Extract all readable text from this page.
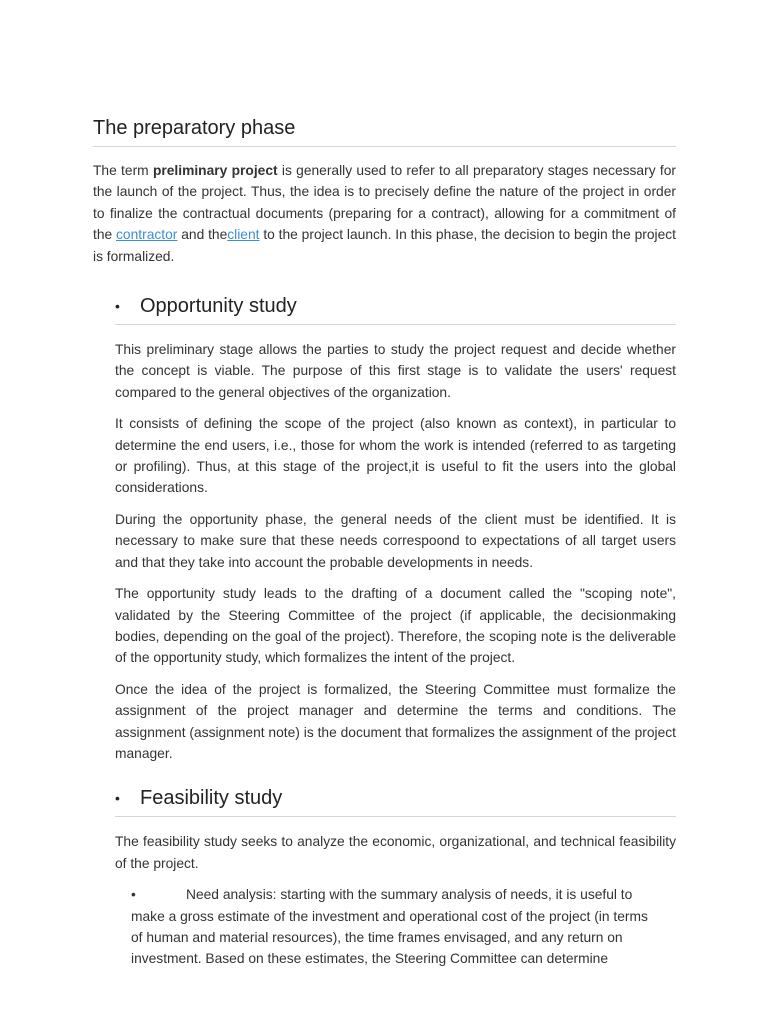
The preparatory phase

The term preliminary project is generally used to refer to all preparatory stages necessary for the launch of the project. Thus, the idea is to precisely define the nature of the project in order to finalize the contractual documents (preparing for a contract), allowing for a commitment of the contractor and theclient to the project launch. In this phase, the decision to begin the project is formalized.

•	Opportunity study

This preliminary stage allows the parties to study the project request and decide whether the concept is viable. The purpose of this first stage is to validate the users' request compared to the general objectives of the organization.

It consists of defining the scope of the project (also known as context), in particular to determine the end users, i.e., those for whom the work is intended (referred to as targeting or profiling). Thus, at this stage of the project,it is useful to fit the users into the global considerations.

During the opportunity phase, the general needs of the client must be identified. It is necessary to make sure that these needs correspoond to expectations of all target users and that they take into account the probable developments in needs.

The opportunity study leads to the drafting of a document called the "scoping note", validated by the Steering Committee of the project (if applicable, the decisionmaking bodies, depending on the goal of the project). Therefore, the scoping note is the deliverable of the opportunity study, which formalizes the intent of the project.

Once the idea of the project is formalized, the Steering Committee must formalize the assignment of the project manager and determine the terms and conditions. The assignment (assignment note) is the document that formalizes the assignment of the project manager.

•	Feasibility study

The feasibility study seeks to analyze the economic, organizational, and technical feasibility of the project.

•	Need analysis: starting with the summary analysis of needs, it is useful to make a gross estimate of the investment and operational cost of the project (in terms of human and material resources), the time frames envisaged, and any return on investment. Based on these estimates, the Steering Committee can determine
